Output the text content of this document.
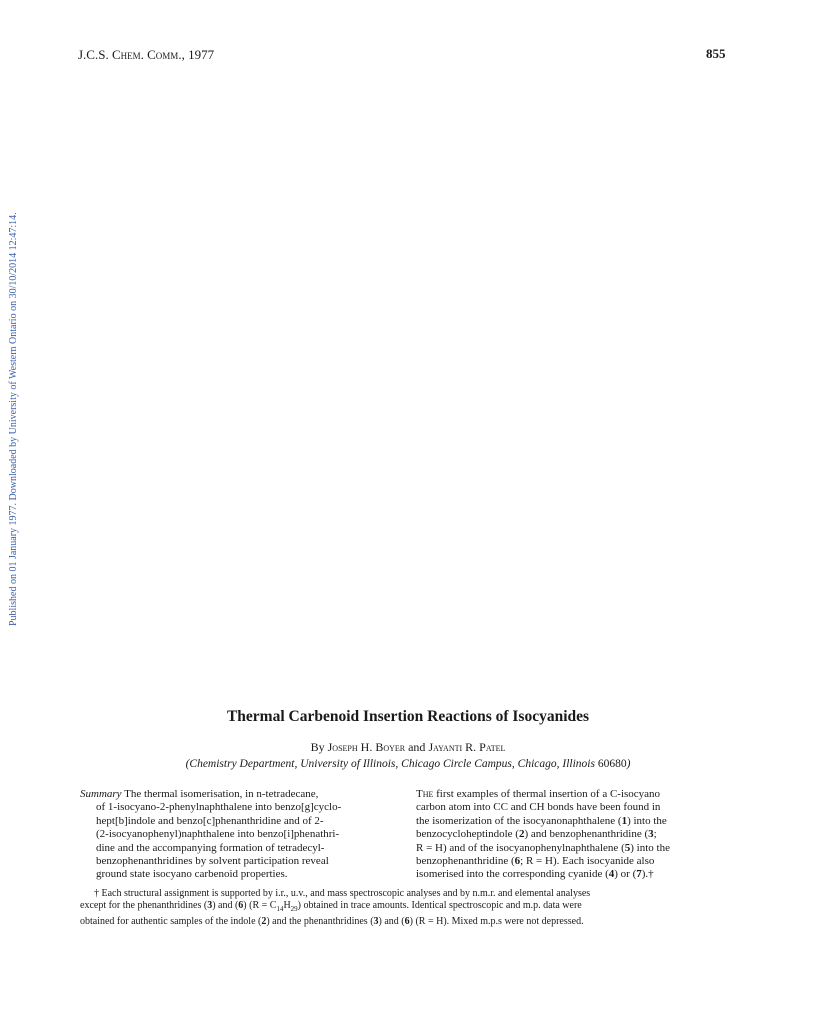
J.C.S. Chem. Comm., 1977	855
Published on 01 January 1977. Downloaded by University of Western Ontario on 30/10/2014 12:47:14.
Thermal Carbenoid Insertion Reactions of Isocyanides
By Joseph H. Boyer and Jayanti R. Patel
(Chemistry Department, University of Illinois, Chicago Circle Campus, Chicago, Illinois 60680)
Summary The thermal isomerisation, in n-tetradecane,
of 1-isocyano-2-phenylnaphthalene into benzo[g]cyclo-
hept[b]indole and benzo[c]phenanthridine and of 2-
(2-isocyanophenyl)naphthalene into benzo[i]phenathri-
dine and the accompanying formation of tetradecyl-
benzophenanthridines by solvent participation reveal
ground state isocyano carbenoid properties.
The first examples of thermal insertion of a C-isocyano
carbon atom into CC and CH bonds have been found in
the isomerization of the isocyanonaphthalene (1) into the
benzocycloheptindole (2) and benzophenanthridine (3;
R = H) and of the isocyanophenylnaphthalene (5) into the
benzophenanthridine (6; R = H). Each isocyanide also
isomerised into the corresponding cyanide (4) or (7).†
† Each structural assignment is supported by i.r., u.v., and mass spectroscopic analyses and by n.m.r. and elemental analyses
except for the phenanthridines (3) and (6) $(R = C_{14}H_{29})$ obtained in trace amounts. Identical spectroscopic and m.p. data were
obtained for authentic samples of the indole (2) and the phenanthridines (3) and (6) (R = H). Mixed m.p.s were not depressed.
